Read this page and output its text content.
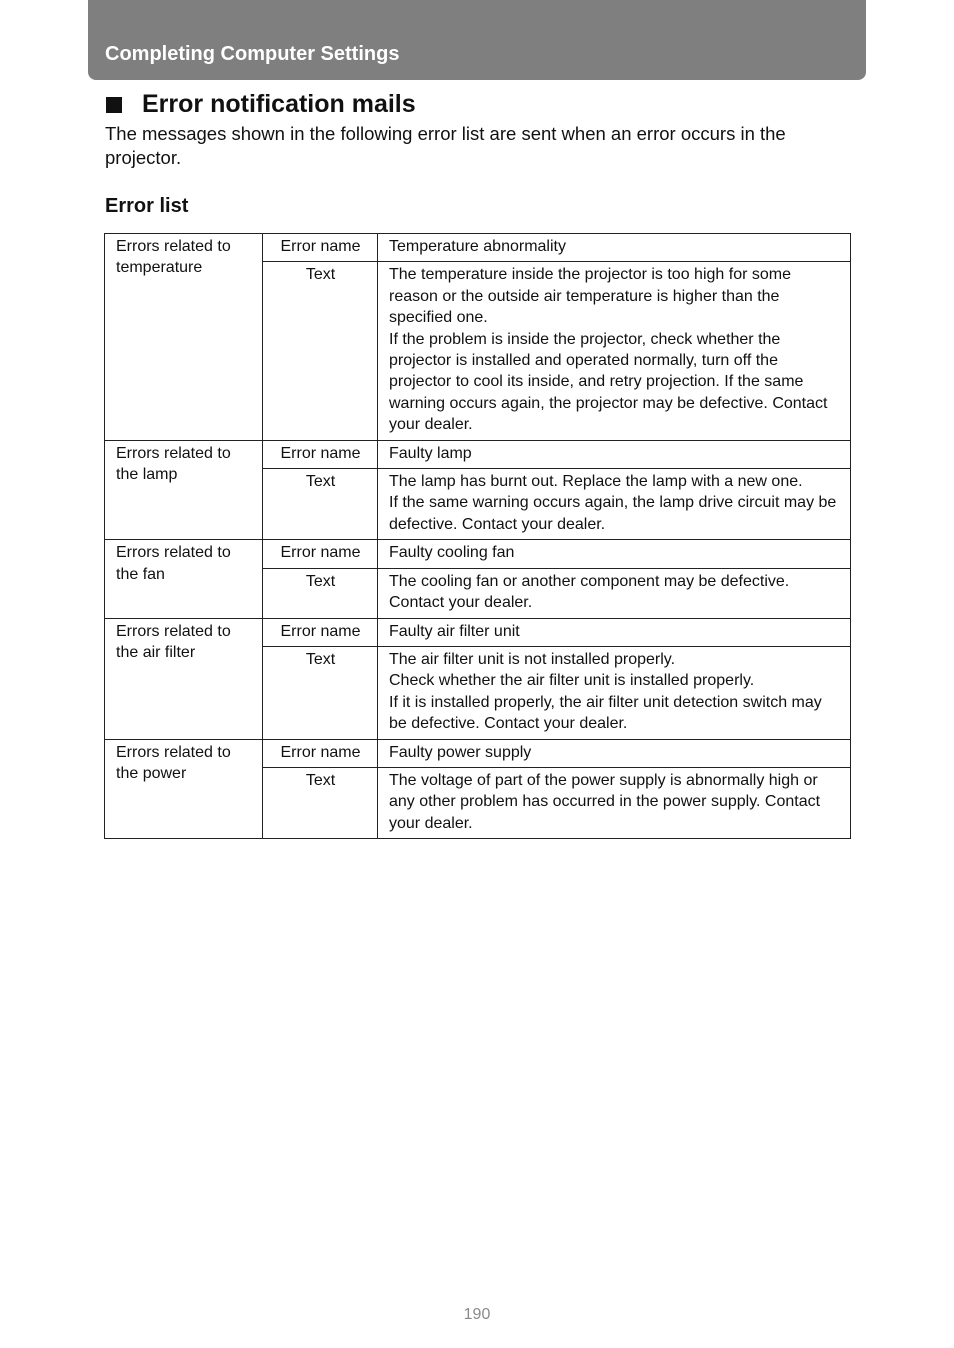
Completing Computer Settings
Error notification mails
The messages shown in the following error list are sent when an error occurs in the projector.
Error list
Errors related to temperature	Error name	Temperature abnormality
	Text	The temperature inside the projector is too high for some reason or the outside air temperature is higher than the specified one.
If the problem is inside the projector, check whether the projector is installed and operated normally, turn off the projector to cool its inside, and retry projection. If the same warning occurs again, the projector may be defective. Contact your dealer.
Errors related to the lamp	Error name	Faulty lamp
	Text	The lamp has burnt out. Replace the lamp with a new one.
If the same warning occurs again, the lamp drive circuit may be defective. Contact your dealer.
Errors related to the fan	Error name	Faulty cooling fan
	Text	The cooling fan or another component may be defective. Contact your dealer.
Errors related to the air filter	Error name	Faulty air filter unit
	Text	The air filter unit is not installed properly.
Check whether the air filter unit is installed properly.
If it is installed properly, the air filter unit detection switch may be defective. Contact your dealer.
Errors related to the power	Error name	Faulty power supply
	Text	The voltage of part of the power supply is abnormally high or any other problem has occurred in the power supply. Contact your dealer.
190
